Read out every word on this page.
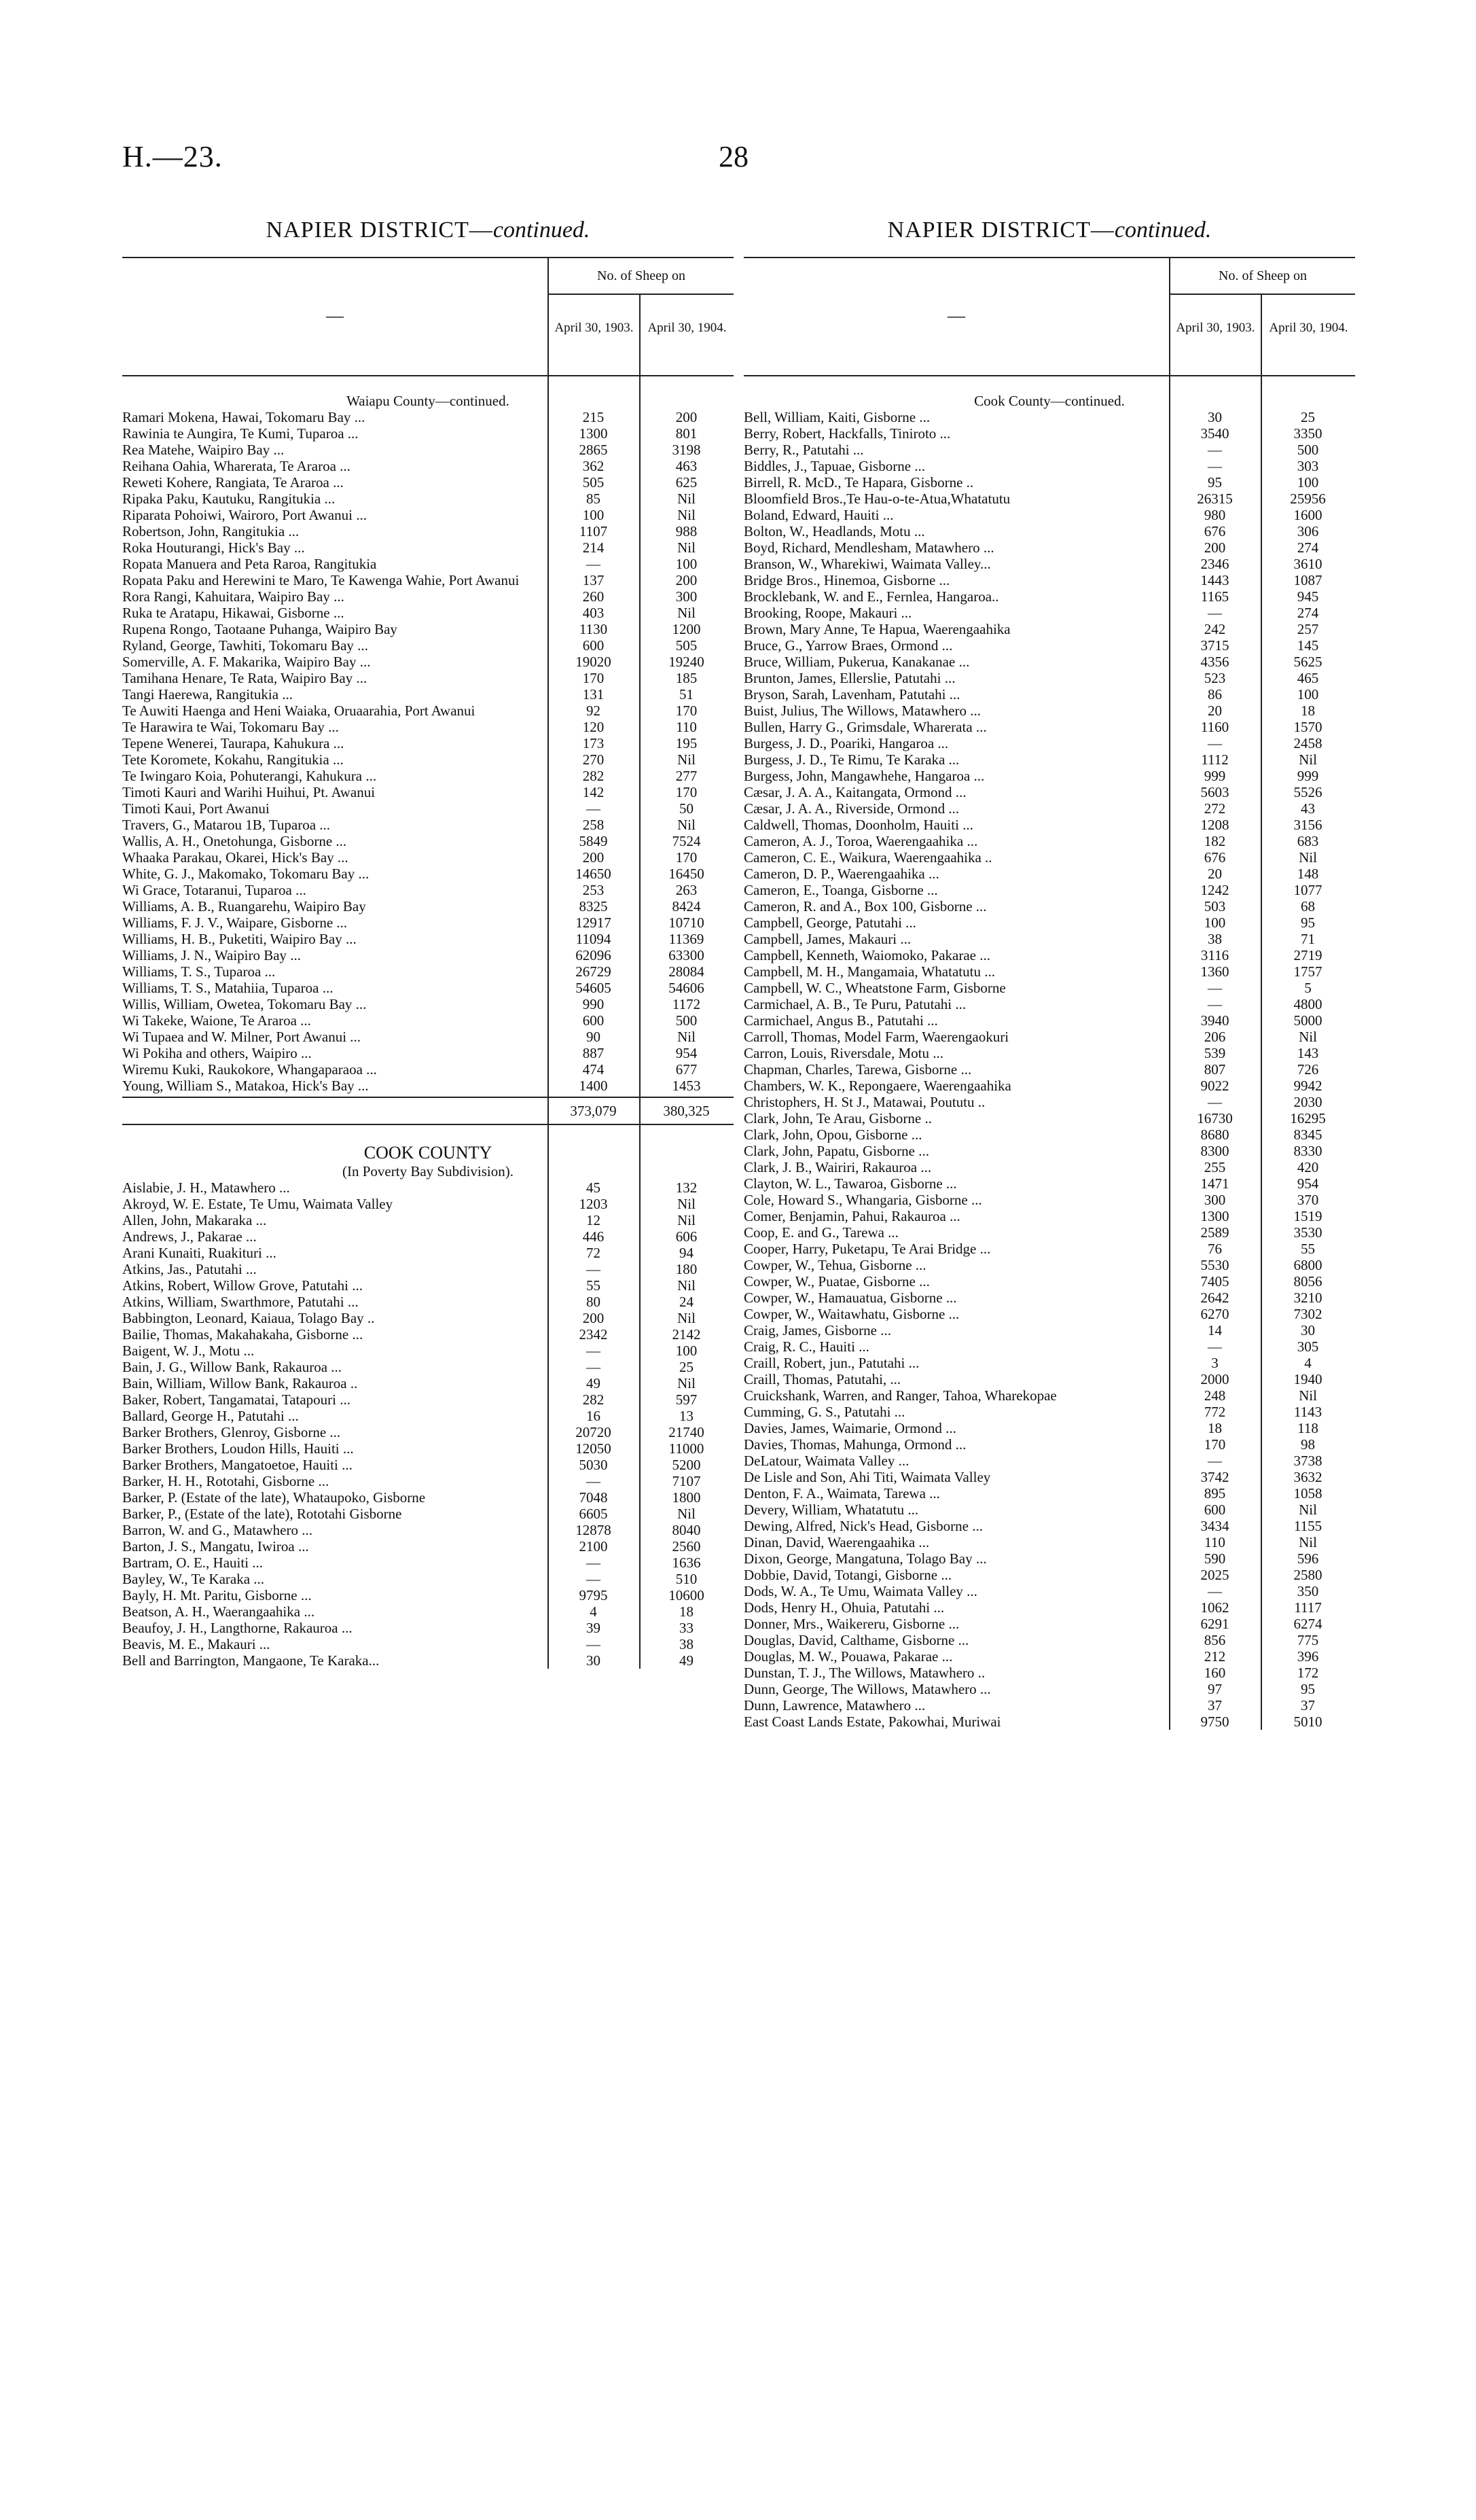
H.—23.	28
NAPIER DISTRICT—continued.
—
No. of Sheep on
April 30, 1903.	April 30, 1904.
Waiapu County—continued.
Ramari Mokena, Hawai, Tokomaru Bay ...	215	200
Rawinia te Aungira, Te Kumi, Tuparoa ...	1300	801
Rea Matehe, Waipiro Bay ...	2865	3198
Reihana Oahia, Wharerata, Te Araroa ...	362	463
Reweti Kohere, Rangiata, Te Araroa ...	505	625
Ripaka Paku, Kautuku, Rangitukia ...	85	Nil
Riparata Pohoiwi, Wairoro, Port Awanui ...	100	Nil
Robertson, John, Rangitukia ...	1107	988
Roka Houturangi, Hick's Bay ...	214	Nil
Ropata Manuera and Peta Raroa, Rangitukia	—	100
Ropata Paku and Herewini te Maro, Te Kawenga Wahie, Port Awanui	137	200
Rora Rangi, Kahuitara, Waipiro Bay ...	260	300
Ruka te Aratapu, Hikawai, Gisborne ...	403	Nil
Rupena Rongo, Taotaane Puhanga, Waipiro Bay	1130	1200
Ryland, George, Tawhiti, Tokomaru Bay ...	600	505
Somerville, A. F. Makarika, Waipiro Bay ...	19020	19240
Tamihana Henare, Te Rata, Waipiro Bay ...	170	185
Tangi Haerewa, Rangitukia ...	131	51
Te Auwiti Haenga and Heni Waiaka, Oruaarahia, Port Awanui	92	170
Te Harawira te Wai, Tokomaru Bay ...	120	110
Tepene Wenerei, Taurapa, Kahukura ...	173	195
Tete Koromete, Kokahu, Rangitukia ...	270	Nil
Te Iwingaro Koia, Pohuterangi, Kahukura ...	282	277
Timoti Kauri and Warihi Huihui, Pt. Awanui	142	170
Timoti Kaui, Port Awanui	—	50
Travers, G., Matarou 1B, Tuparoa ...	258	Nil
Wallis, A. H., Onetohunga, Gisborne ...	5849	7524
Whaaka Parakau, Okarei, Hick's Bay ...	200	170
White, G. J., Makomako, Tokomaru Bay ...	14650	16450
Wi Grace, Totaranui, Tuparoa ...	253	263
Williams, A. B., Ruangarehu, Waipiro Bay	8325	8424
Williams, F. J. V., Waipare, Gisborne ...	12917	10710
Williams, H. B., Puketiti, Waipiro Bay ...	11094	11369
Williams, J. N., Waipiro Bay ...	62096	63300
Williams, T. S., Tuparoa ...	26729	28084
Williams, T. S., Matahiia, Tuparoa ...	54605	54606
Willis, William, Owetea, Tokomaru Bay ...	990	1172
Wi Takeke, Waione, Te Araroa ...	600	500
Wi Tupaea and W. Milner, Port Awanui ...	90	Nil
Wi Pokiha and others, Waipiro ...	887	954
Wiremu Kuki, Raukokore, Whangaparaoa ...	474	677
Young, William S., Matakoa, Hick's Bay ...	1400	1453
373,079	380,325
COOK COUNTY
(In Poverty Bay Subdivision).
Aislabie, J. H., Matawhero ...	45	132
Akroyd, W. E. Estate, Te Umu, Waimata Valley	1203	Nil
Allen, John, Makaraka ...	12	Nil
Andrews, J., Pakarae ...	446	606
Arani Kunaiti, Ruakituri ...	72	94
Atkins, Jas., Patutahi ...	—	180
Atkins, Robert, Willow Grove, Patutahi ...	55	Nil
Atkins, William, Swarthmore, Patutahi ...	80	24
Babbington, Leonard, Kaiaua, Tolago Bay ..	200	Nil
Bailie, Thomas, Makahakaha, Gisborne ...	2342	2142
Baigent, W. J., Motu ...	—	100
Bain, J. G., Willow Bank, Rakauroa ...	—	25
Bain, William, Willow Bank, Rakauroa ..	49	Nil
Baker, Robert, Tangamatai, Tatapouri ...	282	597
Ballard, George H., Patutahi ...	16	13
Barker Brothers, Glenroy, Gisborne ...	20720	21740
Barker Brothers, Loudon Hills, Hauiti ...	12050	11000
Barker Brothers, Mangatoetoe, Hauiti ...	5030	5200
Barker, H. H., Rototahi, Gisborne ...	—	7107
Barker, P. (Estate of the late), Whataupoko, Gisborne	7048	1800
Barker, P., (Estate of the late), Rototahi Gisborne	6605	Nil
Barron, W. and G., Matawhero ...	12878	8040
Barton, J. S., Mangatu, Iwiroa ...	2100	2560
Bartram, O. E., Hauiti ...	—	1636
Bayley, W., Te Karaka ...	—	510
Bayly, H. Mt. Paritu, Gisborne ...	9795	10600
Beatson, A. H., Waerangaahika ...	4	18
Beaufoy, J. H., Langthorne, Rakauroa ...	39	33
Beavis, M. E., Makauri ...	—	38
Bell and Barrington, Mangaone, Te Karaka...	30	49
NAPIER DISTRICT—continued.
—
No. of Sheep on
April 30, 1903.	April 30, 1904.
Cook County—continued.
Bell, William, Kaiti, Gisborne ...	30	25
Berry, Robert, Hackfalls, Tiniroto ...	3540	3350
Berry, R., Patutahi ...	—	500
Biddles, J., Tapuae, Gisborne ...	—	303
Birrell, R. McD., Te Hapara, Gisborne ..	95	100
Bloomfield Bros.,Te Hau-o-te-Atua,Whatatutu	26315	25956
Boland, Edward, Hauiti ...	980	1600
Bolton, W., Headlands, Motu ...	676	306
Boyd, Richard, Mendlesham, Matawhero ...	200	274
Branson, W., Wharekiwi, Waimata Valley...	2346	3610
Bridge Bros., Hinemoa, Gisborne ...	1443	1087
Brocklebank, W. and E., Fernlea, Hangaroa..	1165	945
Brooking, Roope, Makauri ...	—	274
Brown, Mary Anne, Te Hapua, Waerengaahika	242	257
Bruce, G., Yarrow Braes, Ormond ...	3715	145
Bruce, William, Pukerua, Kanakanae ...	4356	5625
Brunton, James, Ellerslie, Patutahi ...	523	465
Bryson, Sarah, Lavenham, Patutahi ...	86	100
Buist, Julius, The Willows, Matawhero ...	20	18
Bullen, Harry G., Grimsdale, Wharerata ...	1160	1570
Burgess, J. D., Poariki, Hangaroa ...	—	2458
Burgess, J. D., Te Rimu, Te Karaka ...	1112	Nil
Burgess, John, Mangawhehe, Hangaroa ...	999	999
Cæsar, J. A. A., Kaitangata, Ormond ...	5603	5526
Cæsar, J. A. A., Riverside, Ormond ...	272	43
Caldwell, Thomas, Doonholm, Hauiti ...	1208	3156
Cameron, A. J., Toroa, Waerengaahika ...	182	683
Cameron, C. E., Waikura, Waerengaahika ..	676	Nil
Cameron, D. P., Waerengaahika ...	20	148
Cameron, E., Toanga, Gisborne ...	1242	1077
Cameron, R. and A., Box 100, Gisborne ...	503	68
Campbell, George, Patutahi ...	100	95
Campbell, James, Makauri ...	38	71
Campbell, Kenneth, Waiomoko, Pakarae ...	3116	2719
Campbell, M. H., Mangamaia, Whatatutu ...	1360	1757
Campbell, W. C., Wheatstone Farm, Gisborne	—	5
Carmichael, A. B., Te Puru, Patutahi ...	—	4800
Carmichael, Angus B., Patutahi ...	3940	5000
Carroll, Thomas, Model Farm, Waerengaokuri	206	Nil
Carron, Louis, Riversdale, Motu ...	539	143
Chapman, Charles, Tarewa, Gisborne ...	807	726
Chambers, W. K., Repongaere, Waerengaahika	9022	9942
Christophers, H. St J., Matawai, Poututu ..	—	2030
Clark, John, Te Arau, Gisborne ..	16730	16295
Clark, John, Opou, Gisborne ...	8680	8345
Clark, John, Papatu, Gisborne ...	8300	8330
Clark, J. B., Wairiri, Rakauroa ...	255	420
Clayton, W. L., Tawaroa, Gisborne ...	1471	954
Cole, Howard S., Whangaria, Gisborne ...	300	370
Comer, Benjamin, Pahui, Rakauroa ...	1300	1519
Coop, E. and G., Tarewa ...	2589	3530
Cooper, Harry, Puketapu, Te Arai Bridge ...	76	55
Cowper, W., Tehua, Gisborne ...	5530	6800
Cowper, W., Puatae, Gisborne ...	7405	8056
Cowper, W., Hamauatua, Gisborne ...	2642	3210
Cowper, W., Waitawhatu, Gisborne ...	6270	7302
Craig, James, Gisborne ...	14	30
Craig, R. C., Hauiti ...	—	305
Craill, Robert, jun., Patutahi ...	3	4
Craill, Thomas, Patutahi, ...	2000	1940
Cruickshank, Warren, and Ranger, Tahoa, Wharekopae	248	Nil
Cumming, G. S., Patutahi ...	772	1143
Davies, James, Waimarie, Ormond ...	18	118
Davies, Thomas, Mahunga, Ormond ...	170	98
DeLatour, Waimata Valley ...	—	3738
De Lisle and Son, Ahi Titi, Waimata Valley	3742	3632
Denton, F. A., Waimata, Tarewa ...	895	1058
Devery, William, Whatatutu ...	600	Nil
Dewing, Alfred, Nick's Head, Gisborne ...	3434	1155
Dinan, David, Waerengaahika ...	110	Nil
Dixon, George, Mangatuna, Tolago Bay ...	590	596
Dobbie, David, Totangi, Gisborne ...	2025	2580
Dods, W. A., Te Umu, Waimata Valley ...	—	350
Dods, Henry H., Ohuia, Patutahi ...	1062	1117
Donner, Mrs., Waikereru, Gisborne ...	6291	6274
Douglas, David, Calthame, Gisborne ...	856	775
Douglas, M. W., Pouawa, Pakarae ...	212	396
Dunstan, T. J., The Willows, Matawhero ..	160	172
Dunn, George, The Willows, Matawhero ...	97	95
Dunn, Lawrence, Matawhero ...	37	37
East Coast Lands Estate, Pakowhai, Muriwai	9750	5010
